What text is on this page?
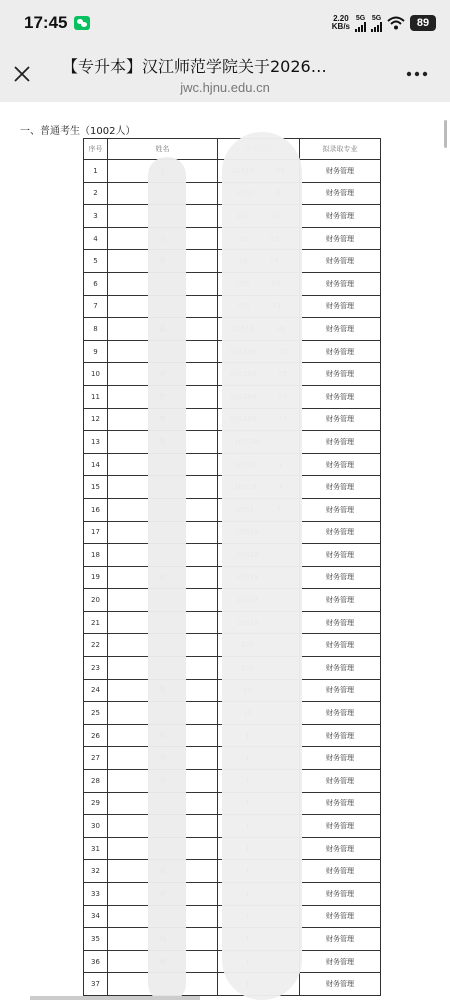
17:45	2.20
KB/s
5G 5G	89
【专升本】汉江师范学院关于2026…
jwc.hjnu.edu.cn
一、普通考生（1002人）
序号	姓名		拟录取专业
1			财务管理
2			财务管理
3			财务管理
4			财务管理
5			财务管理
6			财务管理
7			财务管理
8			财务管理
9			财务管理
10			财务管理
11			财务管理
12			财务管理
13			财务管理
14			财务管理
15			财务管理
16			财务管理
17			财务管理
18			财务管理
19			财务管理
20			财务管理
21			财务管理
22			财务管理
23			财务管理
24			财务管理
25			财务管理
26			财务管理
27			财务管理
28			财务管理
29			财务管理
30			财务管理
31			财务管理
32			财务管理
33			财务管理
34			财务管理
35			财务管理
36			财务管理
37			财务管理
